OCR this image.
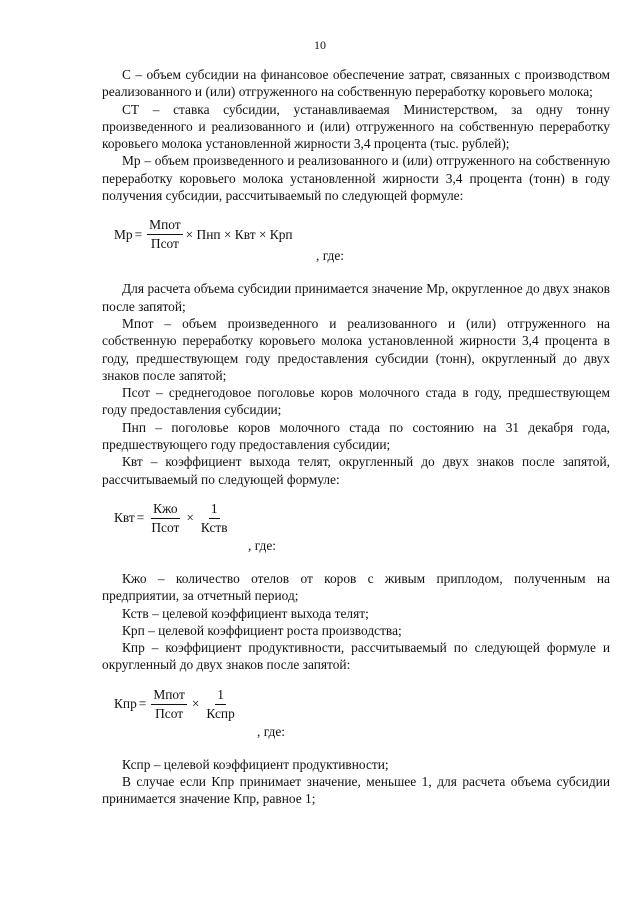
10

С – объем субсидии на финансовое обеспечение затрат, связанных с производством реализованного и (или) отгруженного на собственную переработку коровьего молока;

СТ – ставка субсидии, устанавливаемая Министерством, за одну тонну произведенного и реализованного и (или) отгруженного на собственную переработку коровьего молока установленной жирности 3,4 процента (тыс. рублей);

Мр – объем произведенного и реализованного и (или) отгруженного на собственную переработку коровьего молока установленной жирности 3,4 процента (тонн) в году получения субсидии, рассчитываемый по следующей формуле:

Мр = $\frac{\text{Мпот}}{\text{Псот}}$ × Пнп × Квт × Крп
, где:

Для расчета объема субсидии принимается значение Мр, округленное до двух знаков после запятой;

Мпот – объем произведенного и реализованного и (или) отгруженного на собственную переработку коровьего молока установленной жирности 3,4 процента в году, предшествующем году предоставления субсидии (тонн), округленный до двух знаков после запятой;

Псот – среднегодовое поголовье коров молочного стада в году, предшествующем году предоставления субсидии;

Пнп – поголовье коров молочного стада по состоянию на 31 декабря года, предшествующего году предоставления субсидии;

Квт – коэффициент выхода телят, округленный до двух знаков после запятой, рассчитываемый по следующей формуле:

Квт = $\frac{\text{Кжо}}{\text{Псот}} \times \frac{1}{\text{Кств}}$
, где:

Кжо – количество отелов от коров с живым приплодом, полученным на предприятии, за отчетный период;

Кств – целевой коэффициент выхода телят;

Крп – целевой коэффициент роста производства;

Кпр – коэффициент продуктивности, рассчитываемый по следующей формуле и округленный до двух знаков после запятой:

Кпр = $\frac{\text{Мпот}}{\text{Псот}} \times \frac{1}{\text{Кспр}}$
, где:

Кспр – целевой коэффициент продуктивности;

В случае если Кпр принимает значение, меньшее 1, для расчета объема субсидии принимается значение Кпр, равное 1;
